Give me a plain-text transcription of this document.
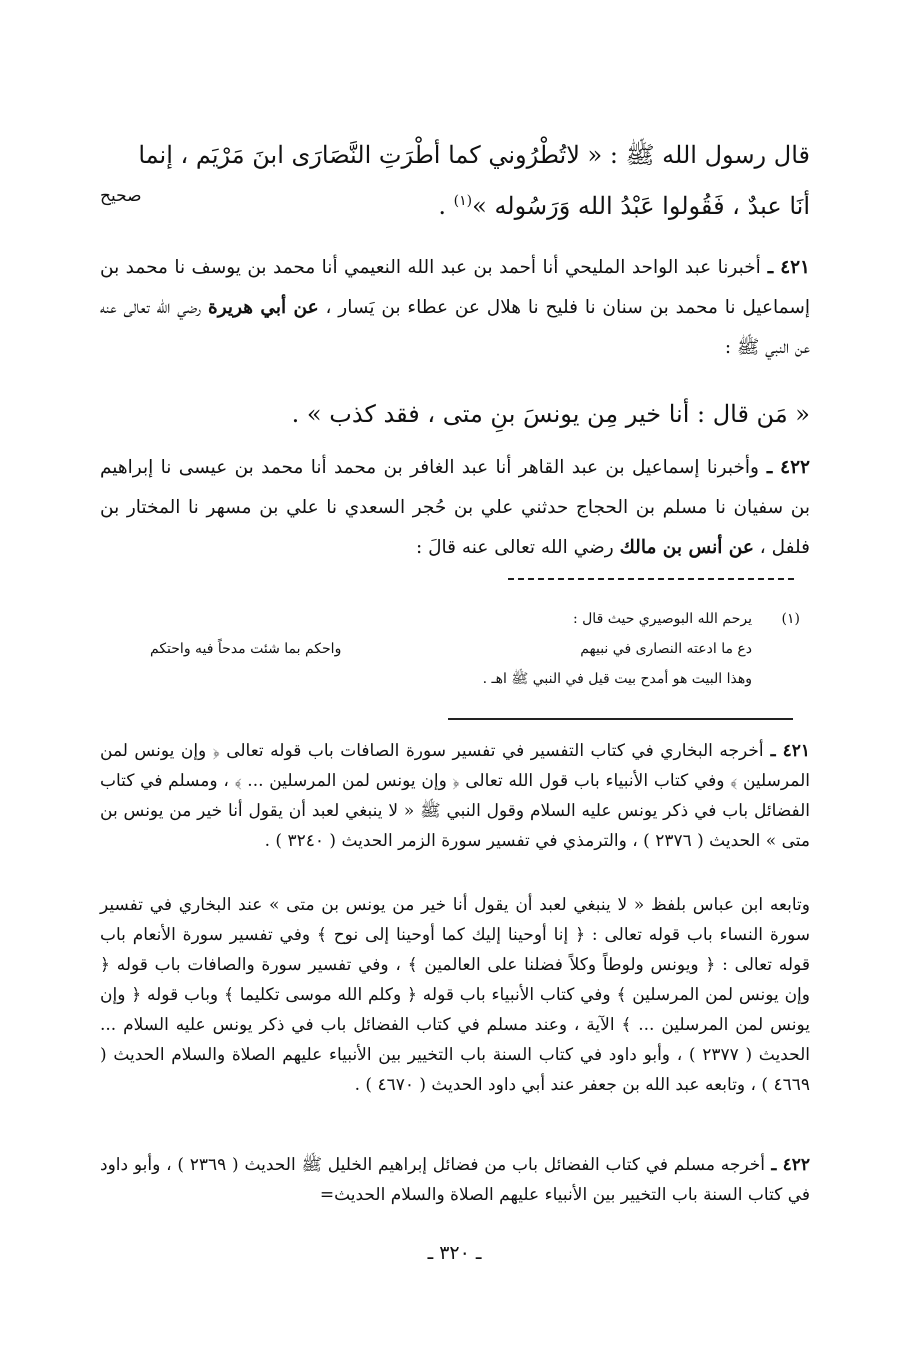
قال رسول الله ﷺ : « لاتُطْرُوني كما أطْرَتِ النَّصَارَى ابنَ مَرْيَم ، إنما
أنَا عبدٌ ، فَقُولوا عَبْدُ الله وَرَسُوله »$^{(١)}$ .
صحيح
٤٢١ ـ أخبرنا عبد الواحد المليحي أنا أحمد بن عبد الله النعيمي أنا محمد بن يوسف نا محمد بن إسماعيل نا محمد بن سنان نا فليح نا هلال عن عطاء بن يَسار ، عن أبي هريرة رضي الله تعالى عنه عن النبي ﷺ :
« مَن قال : أنا خير مِن يونسَ بنِ متى ، فقد كذب » .
٤٢٢ ـ وأخبرنا إسماعيل بن عبد القاهر أنا عبد الغافر بن محمد أنا محمد بن عيسى نا إبراهيم بن سفيان نا مسلم بن الحجاج حدثني علي بن حُجر السعدي نا علي بن مسهر نا المختار بن فلفل ، عن أنس بن مالك رضي الله تعالى عنه قالَ :
(١)
يرحم الله البوصيري حيث قال :
دع ما ادعته النصارى في نبيهم
واحكم بما شئت مدحاً فيه واحتكم
وهذا البيت هو أمدح بيت قيل في النبي ﷺ اهـ .

٤٢١ ـ أخرجه البخاري في كتاب التفسير في تفسير سورة الصافات باب قوله تعالى ﴿ وإن يونس لمن المرسلين ﴾ وفي كتاب الأنبياء باب قول الله تعالى ﴿ وإن يونس لمن المرسلين ... ﴾ ، ومسلم في كتاب الفضائل باب في ذكر يونس عليه السلام وقول النبي ﷺ « لا ينبغي لعبد أن يقول أنا خير من يونس بن متى » الحديث ( ٢٣٧٦ ) ، والترمذي في تفسير سورة الزمر الحديث ( ٣٢٤٠ ) .

وتابعه ابن عباس بلفظ « لا ينبغي لعبد أن يقول أنا خير من يونس بن متى » عند البخاري في تفسير سورة النساء باب قوله تعالى : ﴿ إنا أوحينا إليك كما أوحينا إلى نوح ﴾ وفي تفسير سورة الأنعام باب قوله تعالى : ﴿ ويونس ولوطاً وكلاً فضلنا على العالمين ﴾ ، وفي تفسير سورة والصافات باب قوله ﴿ وإن يونس لمن المرسلين ﴾ وفي كتاب الأنبياء باب قوله ﴿ وكلم الله موسى تكليما ﴾ وباب قوله ﴿ وإن يونس لمن المرسلين ... ﴾ الآية ، وعند مسلم في كتاب الفضائل باب في ذكر يونس عليه السلام ... الحديث ( ٢٣٧٧ ) ، وأبو داود في كتاب السنة باب التخيير بين الأنبياء عليهم الصلاة والسلام الحديث ( ٤٦٦٩ ) ، وتابعه عبد الله بن جعفر عند أبي داود الحديث ( ٤٦٧٠ ) .

٤٢٢ ـ أخرجه مسلم في كتاب الفضائل باب من فضائل إبراهيم الخليل ﷺ الحديث ( ٢٣٦٩ ) ، وأبو داود في كتاب السنة باب التخيير بين الأنبياء عليهم الصلاة والسلام الحديث=

ـ ٣٢٠ ـ
